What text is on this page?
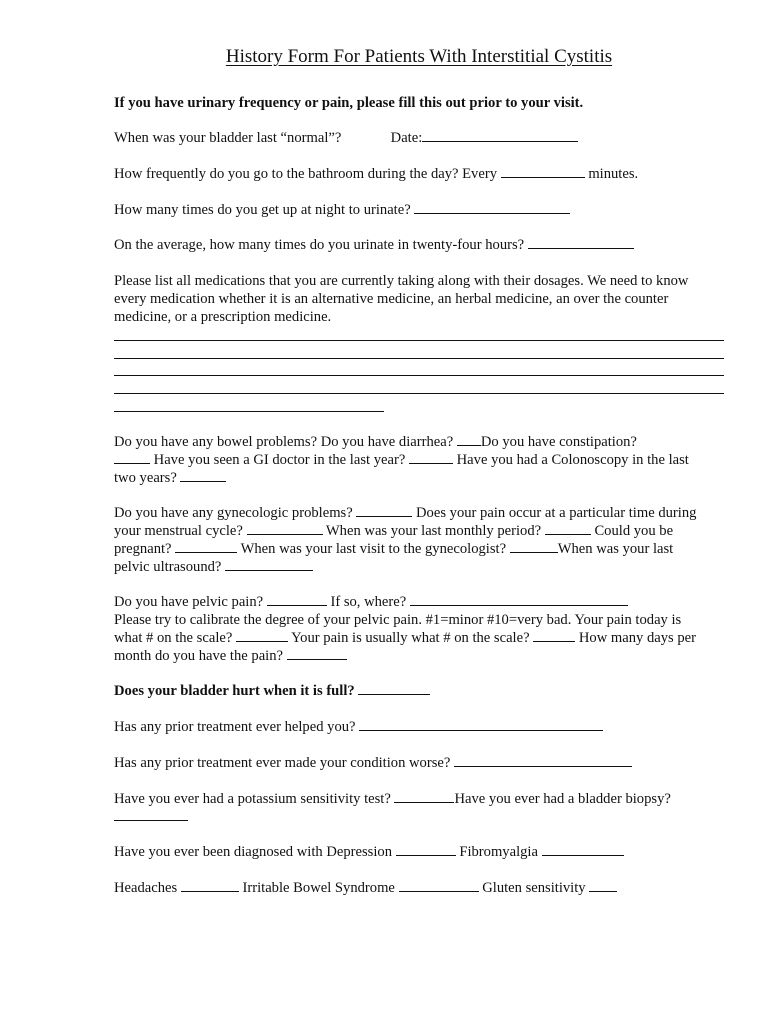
History Form For Patients With Interstitial Cystitis
If you have urinary frequency or pain, please fill this out prior to your visit.
When was your bladder last “normal”?	Date:
How frequently do you go to the bathroom during the day? Every	minutes.
How many times do you get up at night to urinate?
On the average, how many times do you urinate in twenty-four hours?
Please list all medications that you are currently taking along with their dosages. We need to know
every medication whether it is an alternative medicine, an herbal medicine, an over the counter
medicine, or a prescription medicine.
Do you have any bowel problems? Do you have diarrhea? Do you have constipation?
Have you seen a GI doctor in the last year?	Have you had a Colonoscopy in the last
two years?
Do you have any gynecologic problems?	Does your pain occur at a particular time during
your menstrual cycle?	When was your last monthly period?	Could you be
pregnant?	When was your last visit to the gynecologist?	When was your last
pelvic ultrasound?
Do you have pelvic pain?	If so, where?
Please try to calibrate the degree of your pelvic pain. #1=minor #10=very bad. Your pain today is
what # on the scale?	Your pain is usually what # on the scale?	How many days per
month do you have the pain?
Does your bladder hurt when it is full?
Has any prior treatment ever helped you?
Has any prior treatment ever made your condition worse?
Have you ever had a potassium sensitivity test?	Have you ever had a bladder biopsy?
Have you ever been diagnosed with Depression	Fibromyalgia
Headaches	Irritable Bowel Syndrome	Gluten sensitivity
